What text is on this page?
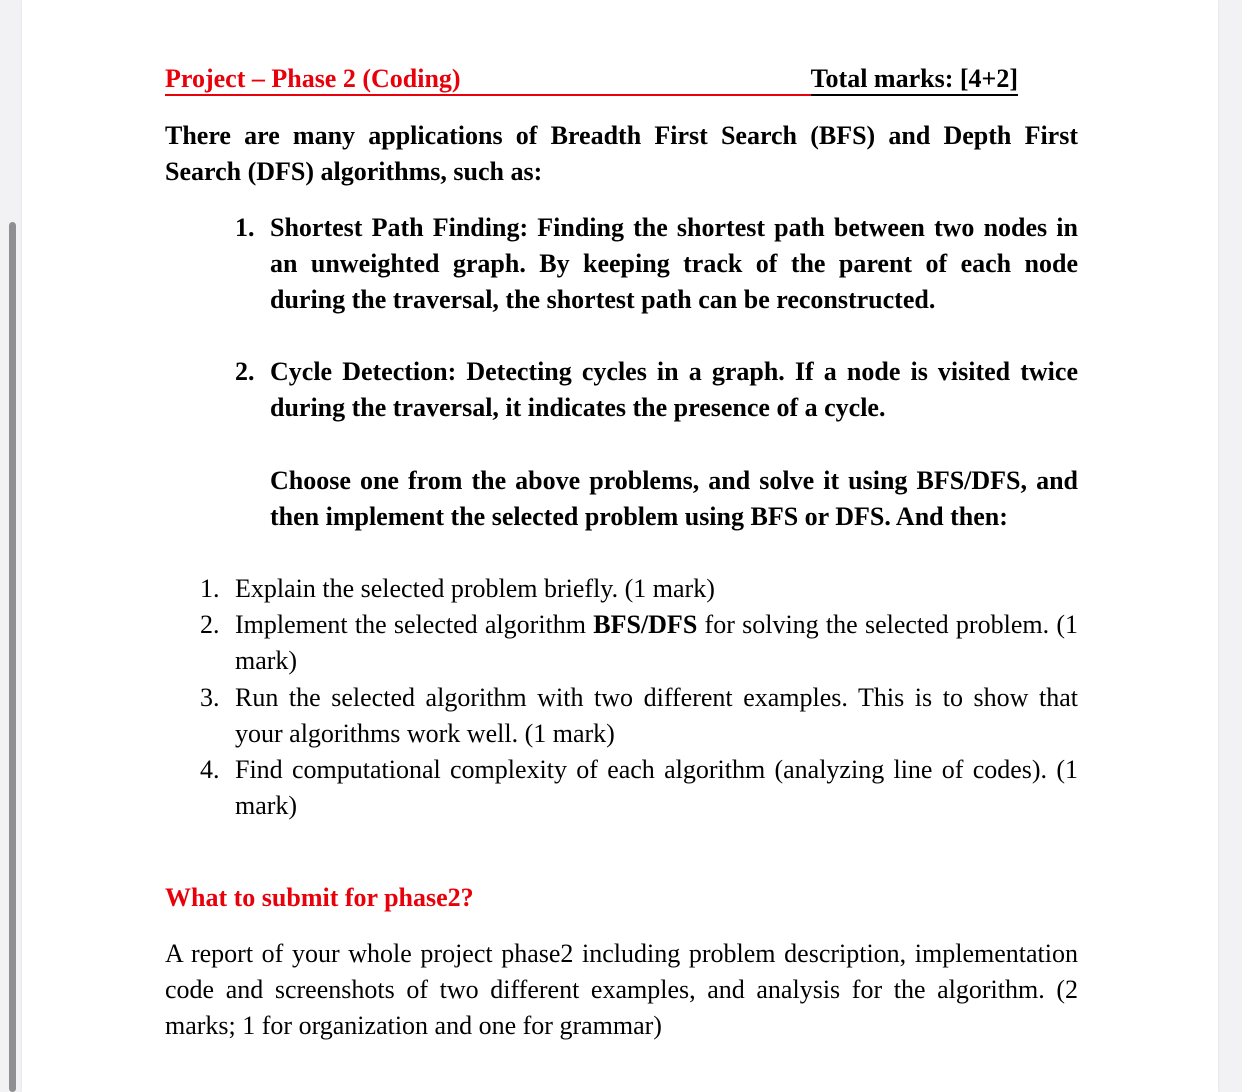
Project – Phase 2 (Coding)	Total marks: [4+2]
There are many applications of Breadth First Search (BFS) and Depth First Search (DFS) algorithms, such as:
1. Shortest Path Finding: Finding the shortest path between two nodes in an unweighted graph. By keeping track of the parent of each node during the traversal, the shortest path can be reconstructed.
2. Cycle Detection: Detecting cycles in a graph. If a node is visited twice during the traversal, it indicates the presence of a cycle.
Choose one from the above problems, and solve it using BFS/DFS, and then implement the selected problem using BFS or DFS. And then:
1. Explain the selected problem briefly. (1 mark)
2. Implement the selected algorithm BFS/DFS for solving the selected problem. (1 mark)
3. Run the selected algorithm with two different examples. This is to show that your algorithms work well. (1 mark)
4. Find computational complexity of each algorithm (analyzing line of codes). (1 mark)
What to submit for phase2?
A report of your whole project phase2 including problem description, implementation code and screenshots of two different examples, and analysis for the algorithm. (2 marks; 1 for organization and one for grammar)
